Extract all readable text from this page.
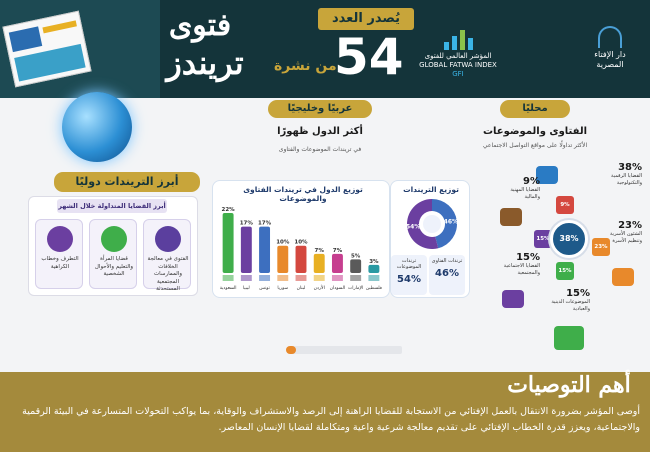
فتوى
تريندز
يُصدر العدد
54
من نشرة
المؤشر العالمي للفتوى
GLOBAL FATWA INDEX
GFI
دار الإفتاء المصرية
محليًا
الفتاوى والموضوعات
الأكثر تداولًا على مواقع التواصل الاجتماعي
عربيًا وخليجيًا
أكثر الدول ظهورًا
في تريندات الموضوعات والفتاوى
أبرز التريندات دوليًا
أبرز القضايا المتداولة خلال الشهر
الفتوى في معالجة الخلافات والممارسات المجتمعية المستحدثة
قضايا المرأة والتعليم والأحوال الشخصية
التطرف وخطاب الكراهية
توزيع الدول في تريندات الفتاوى والموضوعات
22%
السعودية
17%
ليبيا
17%
تونس
10%
سوريا
10%
لبنان
7%
الأردن
7%
السودان
5%
الإمارات
3%
فلسطين
توزيع التريندات
46%
54%
ترندات الموضوعات
54%
ترندات الفتاوى
46%
38%
القضايا الرقمية والتكنولوجية
9%
القضايا المهنية والمالية
23%
الشئون الأسرية وتنظيم الأسرة
15%
القضايا الاجتماعية والمجتمعية
15%
الموضوعات الدينية والعبادية
9%
23%
15%
15%
38%
أهم التوصيات
أوصى المؤشر بضرورة الانتقال بالعمل الإفتائي من الاستجابة للقضايا الراهنة إلى الرصد والاستشراف والوقاية، بما يواكب التحولات المتسارعة في البيئة الرقمية والاجتماعية، ويعزز قدرة الخطاب الإفتائي على تقديم معالجة شرعية واعية ومتكاملة لقضايا الإنسان المعاصر.
